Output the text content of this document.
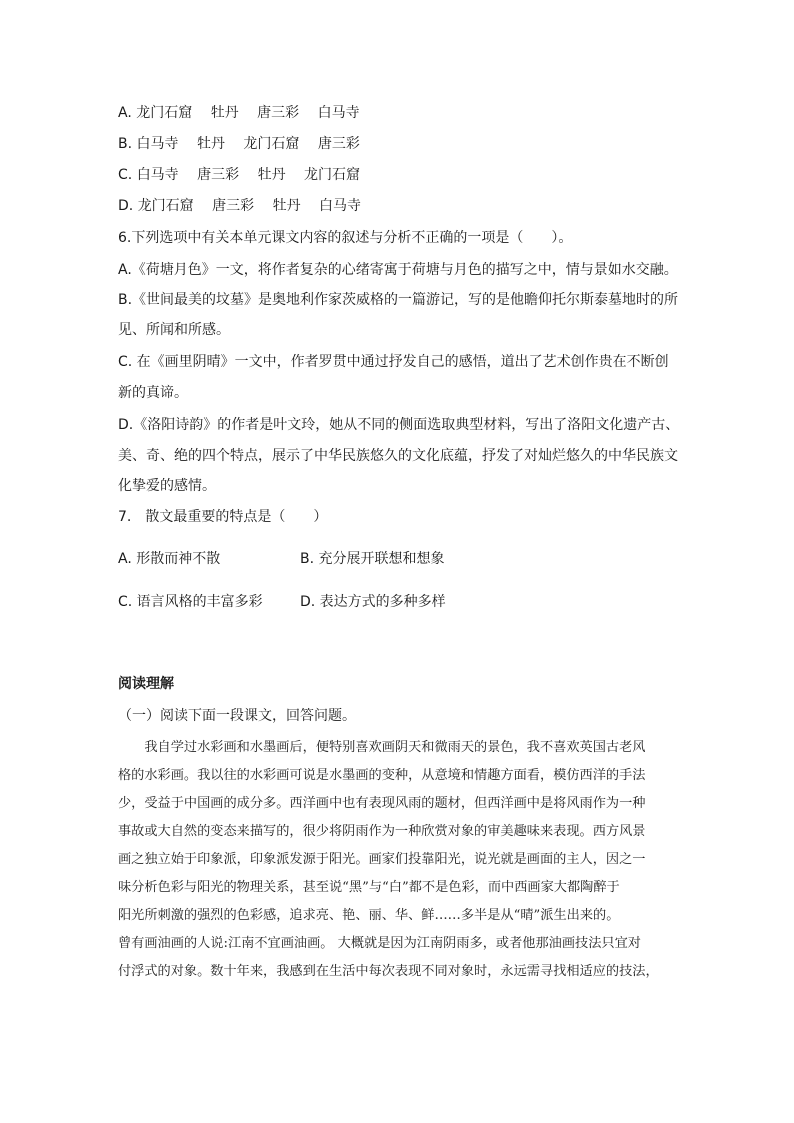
A. 龙门石窟 牡丹 唐三彩 白马寺
B. 白马寺 牡丹 龙门石窟 唐三彩
C. 白马寺 唐三彩 牡丹 龙门石窟
D. 龙门石窟 唐三彩 牡丹 白马寺
6.下列选项中有关本单元课文内容的叙述与分析不正确的一项是（　　）。
A.《荷塘月色》一文，将作者复杂的心绪寄寓于荷塘与月色的描写之中，情与景如水交融。
B.《世间最美的坟墓》是奥地利作家茨威格的一篇游记，写的是他瞻仰托尔斯泰墓地时的所
见、所闻和所感。
C. 在《画里阴晴》一文中，作者罗贯中通过抒发自己的感悟，道出了艺术创作贵在不断创
新的真谛。
D.《洛阳诗韵》的作者是叶文玲，她从不同的侧面选取典型材料，写出了洛阳文化遗产古、
美、奇、绝的四个特点，展示了中华民族悠久的文化底蕴，抒发了对灿烂悠久的中华民族文
化挚爱的感情。
7.　散文最重要的特点是（　　）
A. 形散而神不散	B. 充分展开联想和想象
C. 语言风格的丰富多彩	D. 表达方式的多种多样
阅读理解
（一）阅读下面一段课文，回答问题。
　　我自学过水彩画和水墨画后，便特别喜欢画阴天和微雨天的景色，我不喜欢英国古老风
格的水彩画。我以往的水彩画可说是水墨画的变种，从意境和情趣方面看，模仿西洋的手法
少，受益于中国画的成分多。西洋画中也有表现风雨的题材，但西洋画中是将风雨作为一种
事故或大自然的变态来描写的，很少将阴雨作为一种欣赏对象的审美趣味来表现。西方风景
画之独立始于印象派，印象派发源于阳光。画家们投靠阳光，说光就是画面的主人，因之一
味分析色彩与阳光的物理关系，甚至说“黑”与“白”都不是色彩，而中西画家大都陶醉于
阳光所刺激的强烈的色彩感，追求亮、艳、丽、华、鲜……多半是从“晴”派生出来的。
曾有画油画的人说:江南不宜画油画。 大概就是因为江南阴雨多，或者他那油画技法只宜对
付浮式的对象。数十年来，我感到在生活中每次表现不同对象时，永远需寻找相适应的技法，
